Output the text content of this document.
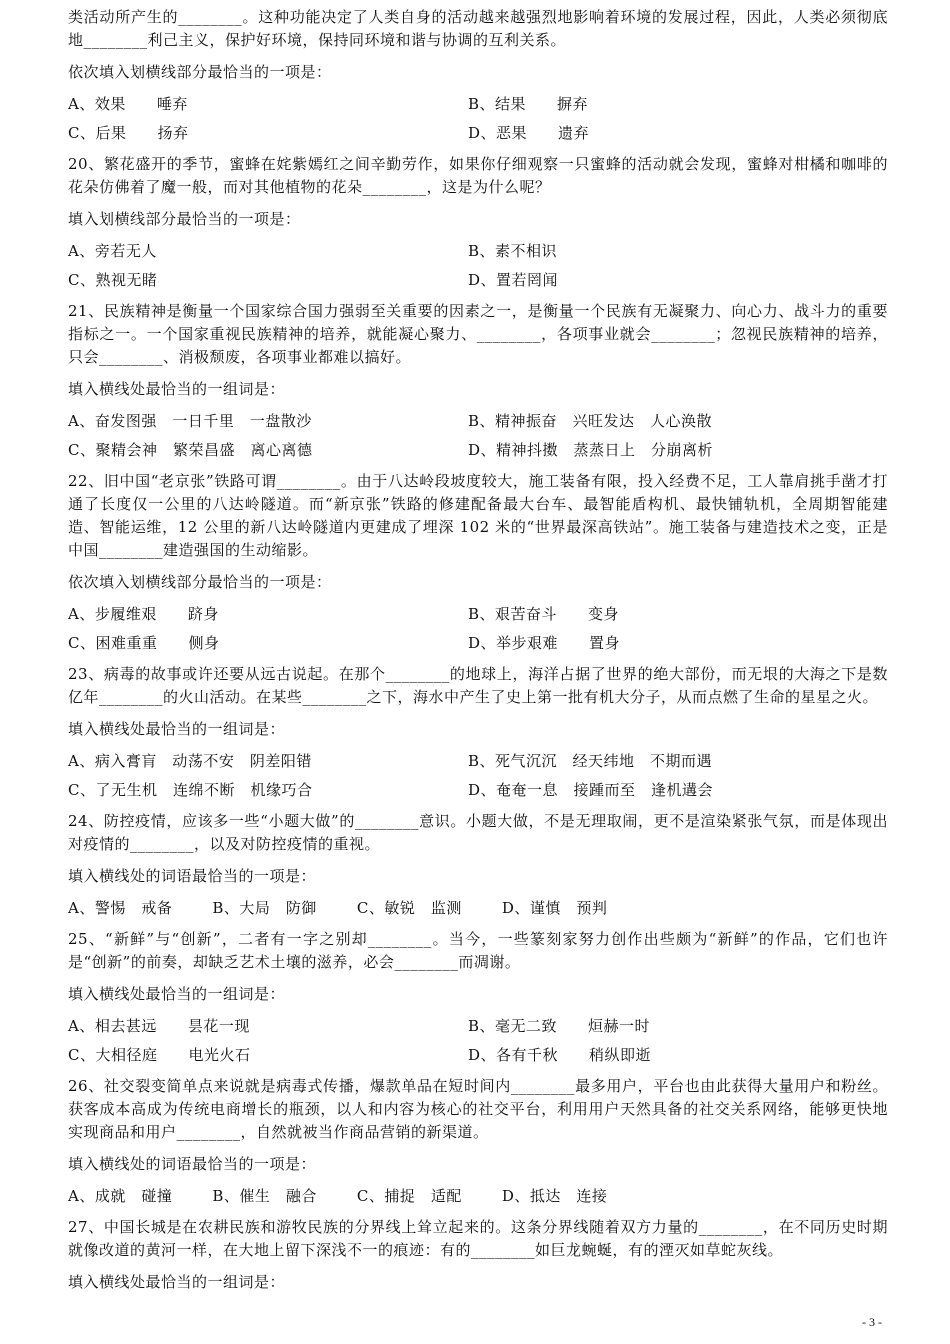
类活动所产生的________。这种功能决定了人类自身的活动越来越强烈地影响着环境的发展过程，因此，人类必须彻底地________利己主义，保护好环境，保持同环境和谐与协调的互利关系。

依次填入划横线部分最恰当的一项是：

A、效果　　唾弃	B、结果　　摒弃
C、后果　　扬弃	D、恶果　　遗弃

20、繁花盛开的季节，蜜蜂在姹紫嫣红之间辛勤劳作，如果你仔细观察一只蜜蜂的活动就会发现，蜜蜂对柑橘和咖啡的花朵仿佛着了魔一般，而对其他植物的花朵________，这是为什么呢？

填入划横线部分最恰当的一项是：

A、旁若无人	B、素不相识
C、熟视无睹	D、置若罔闻

21、民族精神是衡量一个国家综合国力强弱至关重要的因素之一，是衡量一个民族有无凝聚力、向心力、战斗力的重要指标之一。一个国家重视民族精神的培养，就能凝心聚力、________，各项事业就会________；忽视民族精神的培养，只会________、消极颓废，各项事业都难以搞好。

填入横线处最恰当的一组词是：

A、奋发图强　一日千里　一盘散沙	B、精神振奋　兴旺发达　人心涣散
C、聚精会神　繁荣昌盛　离心离德	D、精神抖擞　蒸蒸日上　分崩离析

22、旧中国“老京张”铁路可谓________。由于八达岭段坡度较大，施工装备有限，投入经费不足，工人靠肩挑手凿才打通了长度仅一公里的八达岭隧道。而“新京张”铁路的修建配备最大台车、最智能盾构机、最快铺轨机，全周期智能建造、智能运维，12 公里的新八达岭隧道内更建成了埋深 102 米的“世界最深高铁站”。施工装备与建造技术之变，正是中国________建造强国的生动缩影。

依次填入划横线部分最恰当的一项是：

A、步履维艰　　跻身	B、艰苦奋斗　　变身
C、困难重重　　侧身	D、举步艰难　　置身

23、病毒的故事或许还要从远古说起。在那个________的地球上，海洋占据了世界的绝大部份，而无垠的大海之下是数亿年________的火山活动。在某些________之下，海水中产生了史上第一批有机大分子，从而点燃了生命的星星之火。

填入横线处最恰当的一组词是：

A、病入膏肓　动荡不安　阴差阳错	B、死气沉沉　经天纬地　不期而遇
C、了无生机　连绵不断　机缘巧合	D、奄奄一息　接踵而至　逢机遘会

24、防控疫情，应该多一些“小题大做”的________意识。小题大做，不是无理取闹，更不是渲染紧张气氛，而是体现出对疫情的________，以及对防控疫情的重视。

填入横线处的词语最恰当的一项是：

A、警惕　戒备	B、大局　防御	C、敏锐　监测	D、谨慎　预判

25、“新鲜”与“创新”，二者有一字之别却________。当今，一些篆刻家努力创作出些颇为“新鲜”的作品，它们也许是“创新”的前奏，却缺乏艺术土壤的滋养，必会________而凋谢。

填入横线处最恰当的一组词是：

A、相去甚远　　昙花一现	B、毫无二致　　烜赫一时
C、大相径庭　　电光火石	D、各有千秋　　稍纵即逝

26、社交裂变简单点来说就是病毒式传播，爆款单品在短时间内________最多用户，平台也由此获得大量用户和粉丝。获客成本高成为传统电商增长的瓶颈，以人和内容为核心的社交平台，利用用户天然具备的社交关系网络，能够更快地实现商品和用户________，自然就被当作商品营销的新渠道。

填入横线处的词语最恰当的一项是：

A、成就　碰撞	B、催生　融合	C、捕捉　适配	D、抵达　连接

27、中国长城是在农耕民族和游牧民族的分界线上耸立起来的。这条分界线随着双方力量的________，在不同历史时期就像改道的黄河一样，在大地上留下深浅不一的痕迹：有的________如巨龙蜿蜒，有的湮灭如草蛇灰线。

填入横线处最恰当的一组词是：

- 3 -
